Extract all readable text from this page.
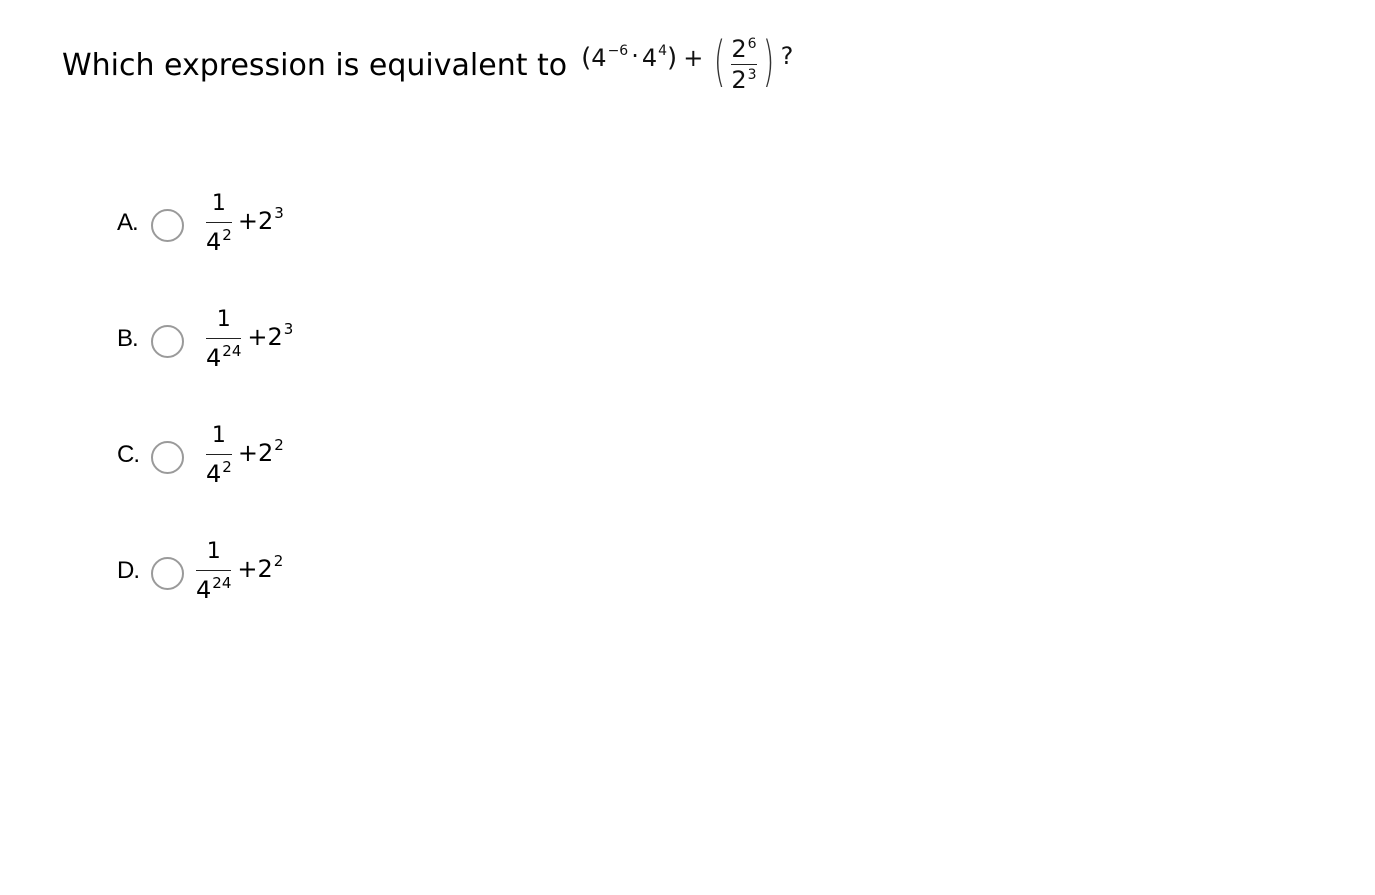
Which expression is equivalent to ( 4 −6 · 4 4 ) + ( $\frac{2^6}{2^3}$ ) ?
A.	$\frac{1}{4^2} +2^3$
B.	$\frac{1}{4^{24}} +2^3$
C.	$\frac{1}{4^2} +2^2$
D.	$\frac{1}{4^{24}} +2^2$
